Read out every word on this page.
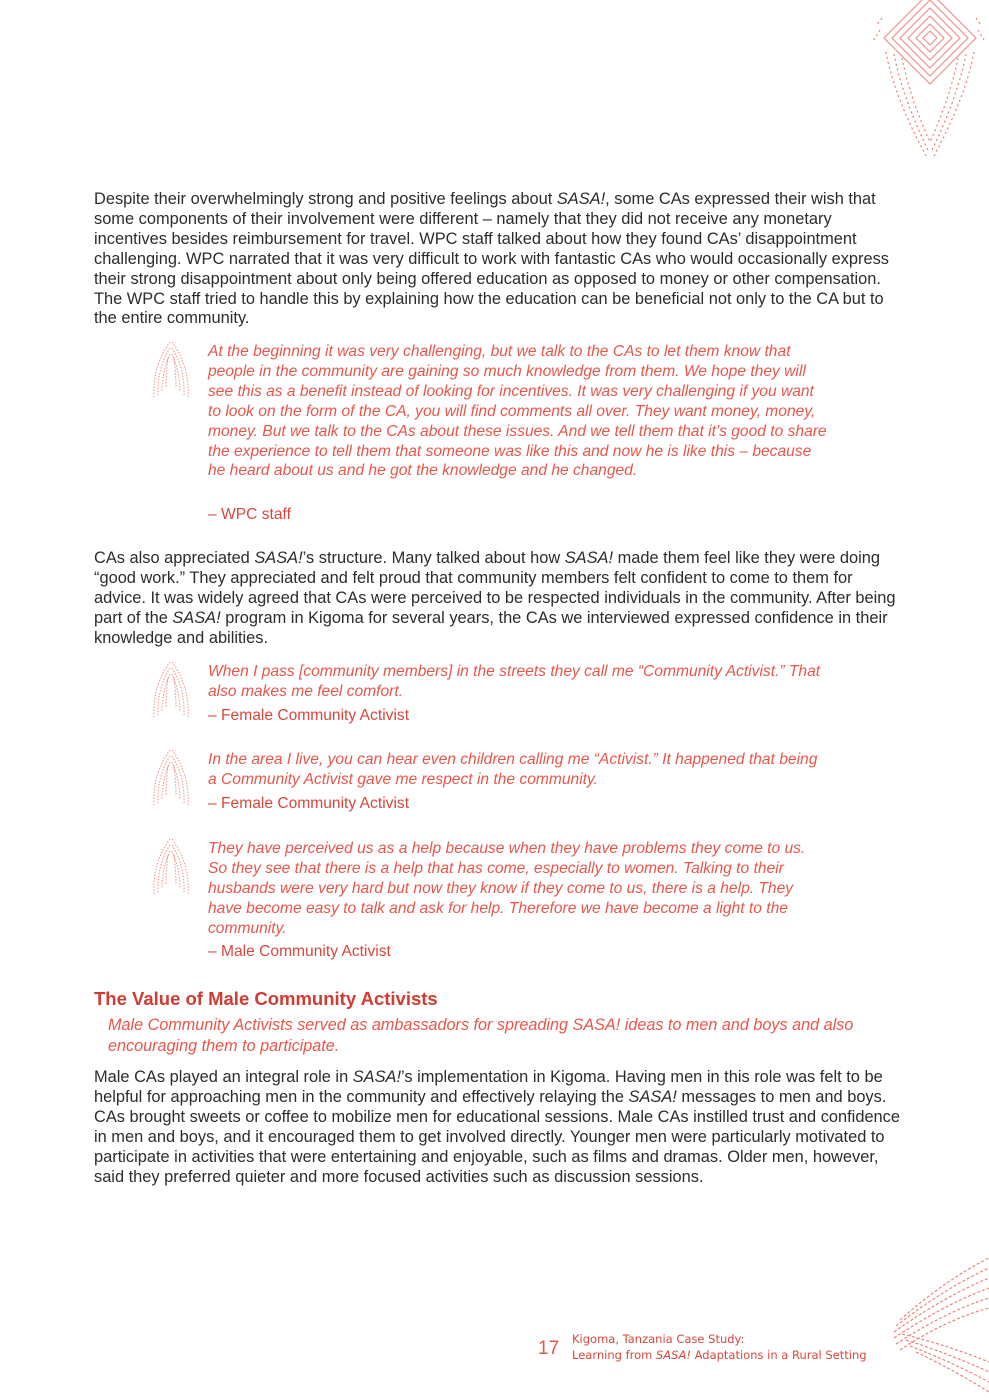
Despite their overwhelmingly strong and positive feelings about SASA!, some CAs expressed their wish that some components of their involvement were different – namely that they did not receive any monetary incentives besides reimbursement for travel. WPC staff talked about how they found CAs’ disappointment challenging. WPC narrated that it was very difficult to work with fantastic CAs who would occasionally express their strong disappointment about only being offered education as opposed to money or other compensation. The WPC staff tried to handle this by explaining how the education can be beneficial not only to the CA but to the entire community.

At the beginning it was very challenging, but we talk to the CAs to let them know that people in the community are gaining so much knowledge from them. We hope they will see this as a benefit instead of looking for incentives. It was very challenging if you want to look on the form of the CA, you will find comments all over. They want money, money, money. But we talk to the CAs about these issues. And we tell them that it’s good to share the experience to tell them that someone was like this and now he is like this – because he heard about us and he got the knowledge and he changed.

– WPC staff

CAs also appreciated SASA!’s structure. Many talked about how SASA! made them feel like they were doing “good work.” They appreciated and felt proud that community members felt confident to come to them for advice. It was widely agreed that CAs were perceived to be respected individuals in the community. After being part of the SASA! program in Kigoma for several years, the CAs we interviewed expressed confidence in their knowledge and abilities.

When I pass [community members] in the streets they call me “Community Activist.” That also makes me feel comfort.

– Female Community Activist

In the area I live, you can hear even children calling me “Activist.” It happened that being a Community Activist gave me respect in the community.

– Female Community Activist

They have perceived us as a help because when they have problems they come to us. So they see that there is a help that has come, especially to women. Talking to their husbands were very hard but now they know if they come to us, there is a help. They have become easy to talk and ask for help. Therefore we have become a light to the community.

– Male Community Activist

The Value of Male Community Activists

Male Community Activists served as ambassadors for spreading SASA! ideas to men and boys and also encouraging them to participate.

Male CAs played an integral role in SASA!’s implementation in Kigoma. Having men in this role was felt to be helpful for approaching men in the community and effectively relaying the SASA! messages to men and boys. CAs brought sweets or coffee to mobilize men for educational sessions. Male CAs instilled trust and confidence in men and boys, and it encouraged them to get involved directly. Younger men were particularly motivated to participate in activities that were entertaining and enjoyable, such as films and dramas. Older men, however, said they preferred quieter and more focused activities such as discussion sessions.

17 Kigoma, Tanzania Case Study:
Learning from SASA! Adaptations in a Rural Setting
